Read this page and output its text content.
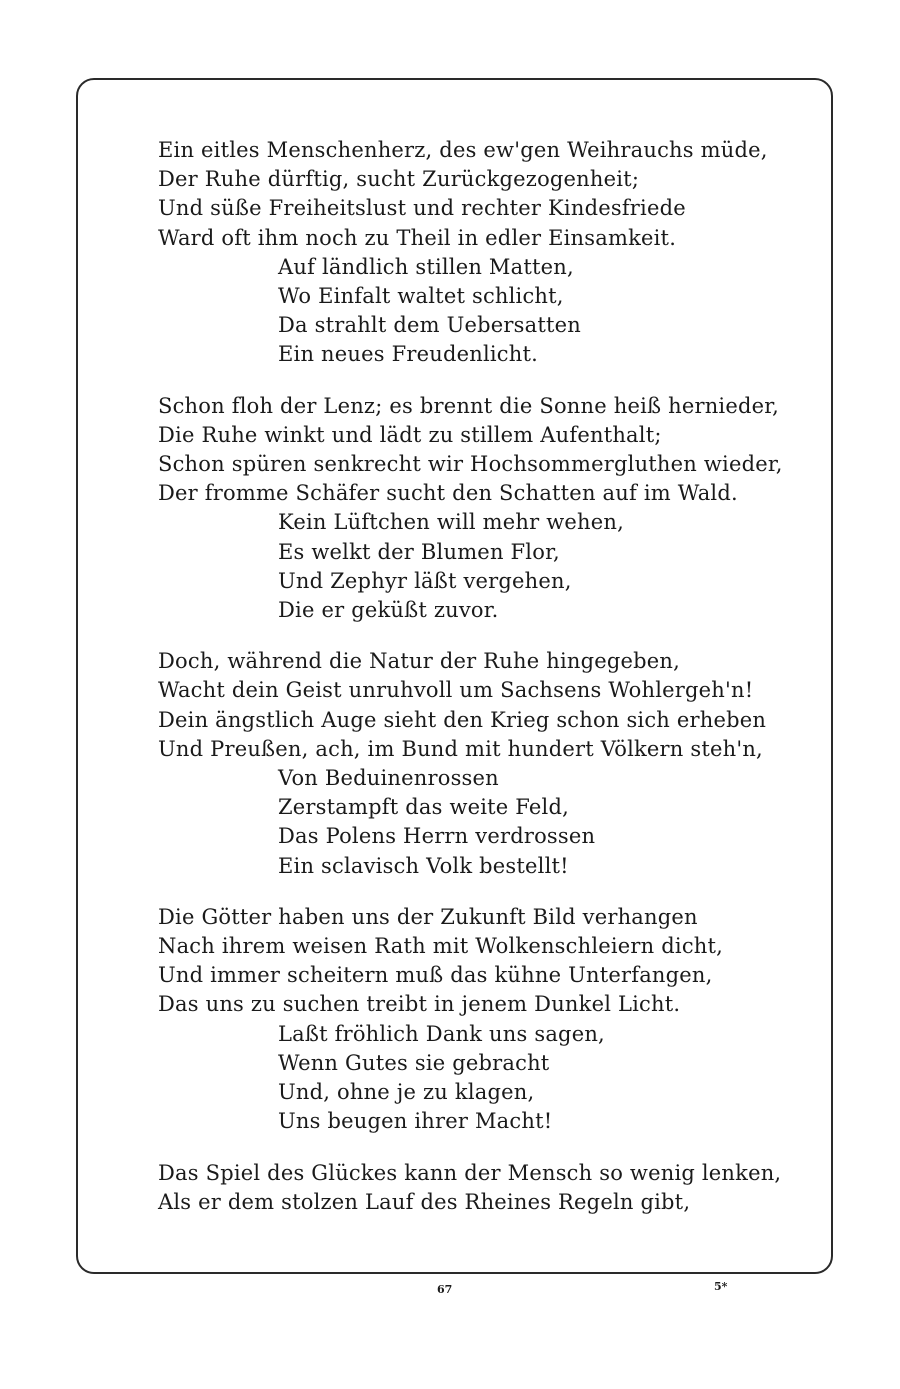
Ein eitles Menschenherz, des ew'gen Weihrauchs müde,
Der Ruhe dürftig, sucht Zurückgezogenheit;
Und süße Freiheitslust und rechter Kindesfriede
Ward oft ihm noch zu Theil in edler Einsamkeit.
Auf ländlich stillen Matten,
Wo Einfalt waltet schlicht,
Da strahlt dem Uebersatten
Ein neues Freudenlicht.
Schon floh der Lenz; es brennt die Sonne heiß hernieder,
Die Ruhe winkt und lädt zu stillem Aufenthalt;
Schon spüren senkrecht wir Hochsommergluthen wieder,
Der fromme Schäfer sucht den Schatten auf im Wald.
Kein Lüftchen will mehr wehen,
Es welkt der Blumen Flor,
Und Zephyr läßt vergehen,
Die er geküßt zuvor.
Doch, während die Natur der Ruhe hingegeben,
Wacht dein Geist unruhvoll um Sachsens Wohlergeh'n!
Dein ängstlich Auge sieht den Krieg schon sich erheben
Und Preußen, ach, im Bund mit hundert Völkern steh'n,
Von Beduinenrossen
Zerstampft das weite Feld,
Das Polens Herrn verdrossen
Ein sclavisch Volk bestellt!
Die Götter haben uns der Zukunft Bild verhangen
Nach ihrem weisen Rath mit Wolkenschleiern dicht,
Und immer scheitern muß das kühne Unterfangen,
Das uns zu suchen treibt in jenem Dunkel Licht.
Laßt fröhlich Dank uns sagen,
Wenn Gutes sie gebracht
Und, ohne je zu klagen,
Uns beugen ihrer Macht!
Das Spiel des Glückes kann der Mensch so wenig lenken,
Als er dem stolzen Lauf des Rheines Regeln gibt,
67	5*
